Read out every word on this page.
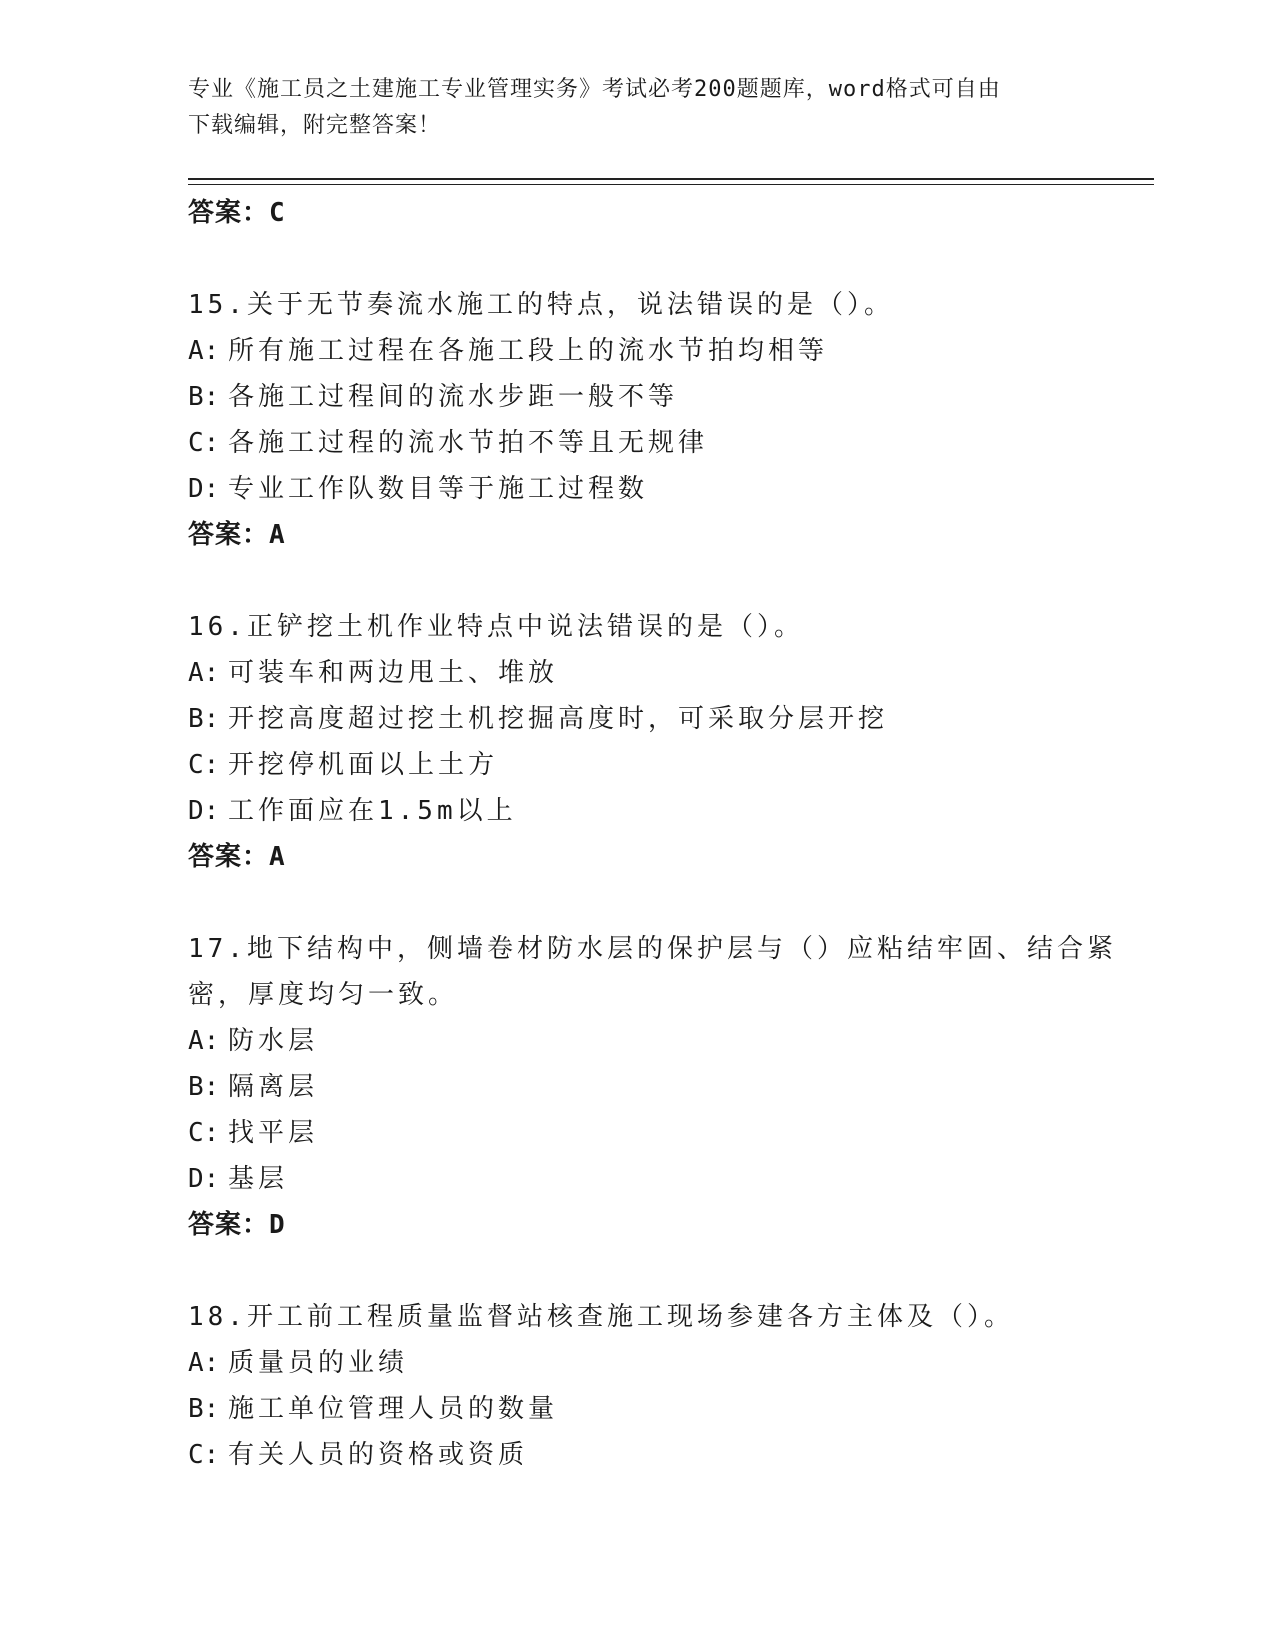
专业《施工员之土建施工专业管理实务》考试必考200题题库，word格式可自由
下载编辑，附完整答案！
答案：C
15.关于无节奏流水施工的特点，说法错误的是（）。
A: 所有施工过程在各施工段上的流水节拍均相等
B: 各施工过程间的流水步距一般不等
C: 各施工过程的流水节拍不等且无规律
D: 专业工作队数目等于施工过程数
答案：A
16.正铲挖土机作业特点中说法错误的是（）。
A: 可装车和两边甩土、堆放
B: 开挖高度超过挖土机挖掘高度时，可采取分层开挖
C: 开挖停机面以上土方
D: 工作面应在1.5m以上
答案：A
17.地下结构中，侧墙卷材防水层的保护层与（）应粘结牢固、结合紧
密，厚度均匀一致。
A: 防水层
B: 隔离层
C: 找平层
D: 基层
答案：D
18.开工前工程质量监督站核查施工现场参建各方主体及（）。
A: 质量员的业绩
B: 施工单位管理人员的数量
C: 有关人员的资格或资质
